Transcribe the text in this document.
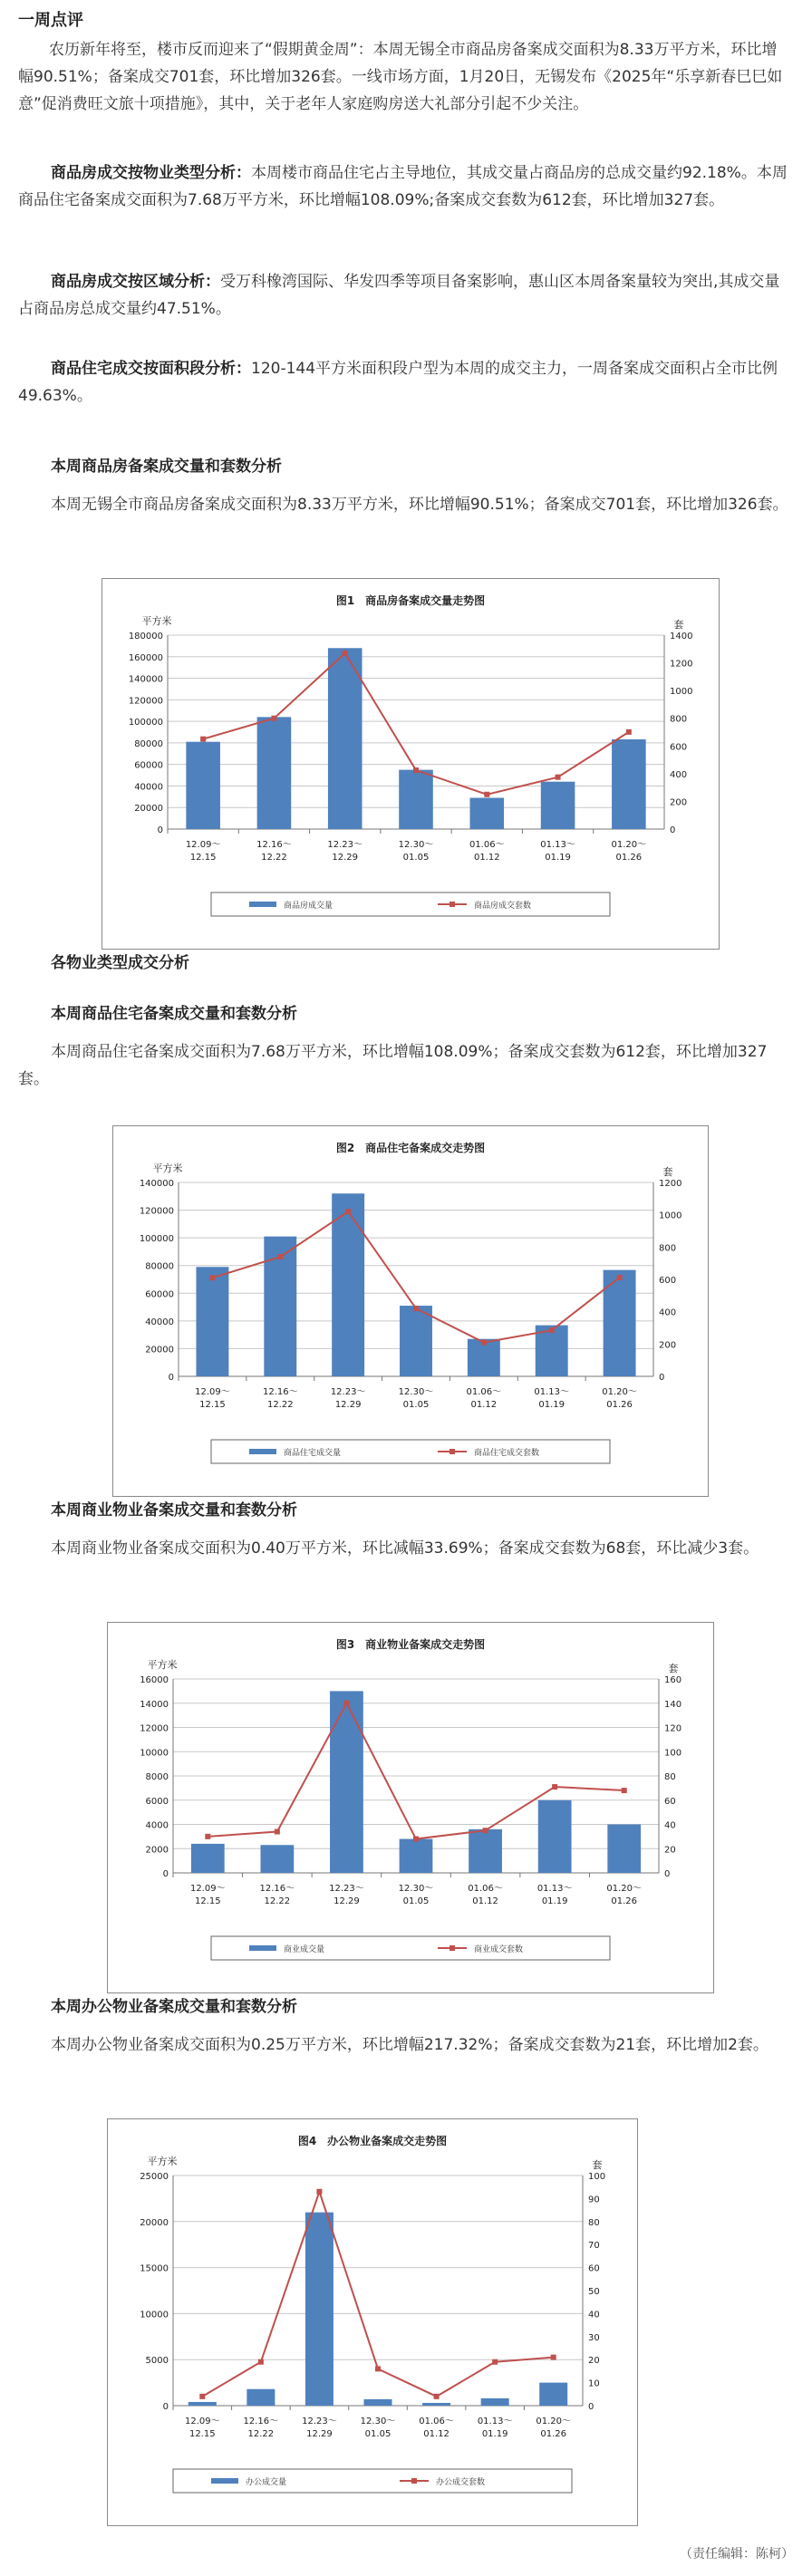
一周点评
农历新年将至，楼市反而迎来了“假期黄金周”：本周无锡全市商品房备案成交面积为8.33万平方米，环比增幅90.51%；备案成交701套，环比增加326套。一线市场方面，1月20日，无锡发布《2025年“乐享新春巳巳如意”促消费旺文旅十项措施》，其中，关于老年人家庭购房送大礼部分引起不少关注。
商品房成交按物业类型分析：本周楼市商品住宅占主导地位，其成交量占商品房的总成交量约92.18%。本周商品住宅备案成交面积为7.68万平方米，环比增幅108.09%;备案成交套数为612套，环比增加327套。
商品房成交按区域分析：受万科橡湾国际、华发四季等项目备案影响，惠山区本周备案量较为突出,其成交量占商品房总成交量约47.51%。
商品住宅成交按面积段分析：120-144平方米面积段户型为本周的成交主力，一周备案成交面积占全市比例49.63%。
本周商品房备案成交量和套数分析
本周无锡全市商品房备案成交面积为8.33万平方米，环比增幅90.51%；备案成交701套，环比增加326套。
图1　商品房备案成交量走势图
平方米	套
0
20000
40000
60000
80000
100000
120000
140000
160000
180000
0
200
400
600
800
1000
1200
1400
12.09～
12.15
12.16～
12.22
12.23～
12.29
12.30～
01.05
01.06～
01.12
01.13～
01.19
01.20～
01.26
商品房成交量	商品房成交套数
各物业类型成交分析
本周商品住宅备案成交量和套数分析
本周商品住宅备案成交面积为7.68万平方米，环比增幅108.09%；备案成交套数为612套，环比增加327套。
图2　商品住宅备案成交走势图
平方米	套
0
20000
40000
60000
80000
100000
120000
140000
0
200
400
600
800
1000
1200
12.09～
12.15
12.16～
12.22
12.23～
12.29
12.30～
01.05
01.06～
01.12
01.13～
01.19
01.20～
01.26
商品住宅成交量	商品住宅成交套数
本周商业物业备案成交量和套数分析
本周商业物业备案成交面积为0.40万平方米，环比减幅33.69%；备案成交套数为68套，环比减少3套。
图3　商业物业备案成交走势图
平方米	套
0
2000
4000
6000
8000
10000
12000
14000
16000
0
20
40
60
80
100
120
140
160
12.09～
12.15
12.16～
12.22
12.23～
12.29
12.30～
01.05
01.06～
01.12
01.13～
01.19
01.20～
01.26
商业成交量	商业成交套数
本周办公物业备案成交量和套数分析
本周办公物业备案成交面积为0.25万平方米，环比增幅217.32%；备案成交套数为21套，环比增加2套。
图4　办公物业备案成交走势图
平方米	套
0
5000
10000
15000
20000
25000
0
10
20
30
40
50
60
70
80
90
100
12.09～
12.15
12.16～
12.22
12.23～
12.29
12.30～
01.05
01.06～
01.12
01.13～
01.19
01.20～
01.26
办公成交量	办公成交套数
（责任编辑：陈柯）
